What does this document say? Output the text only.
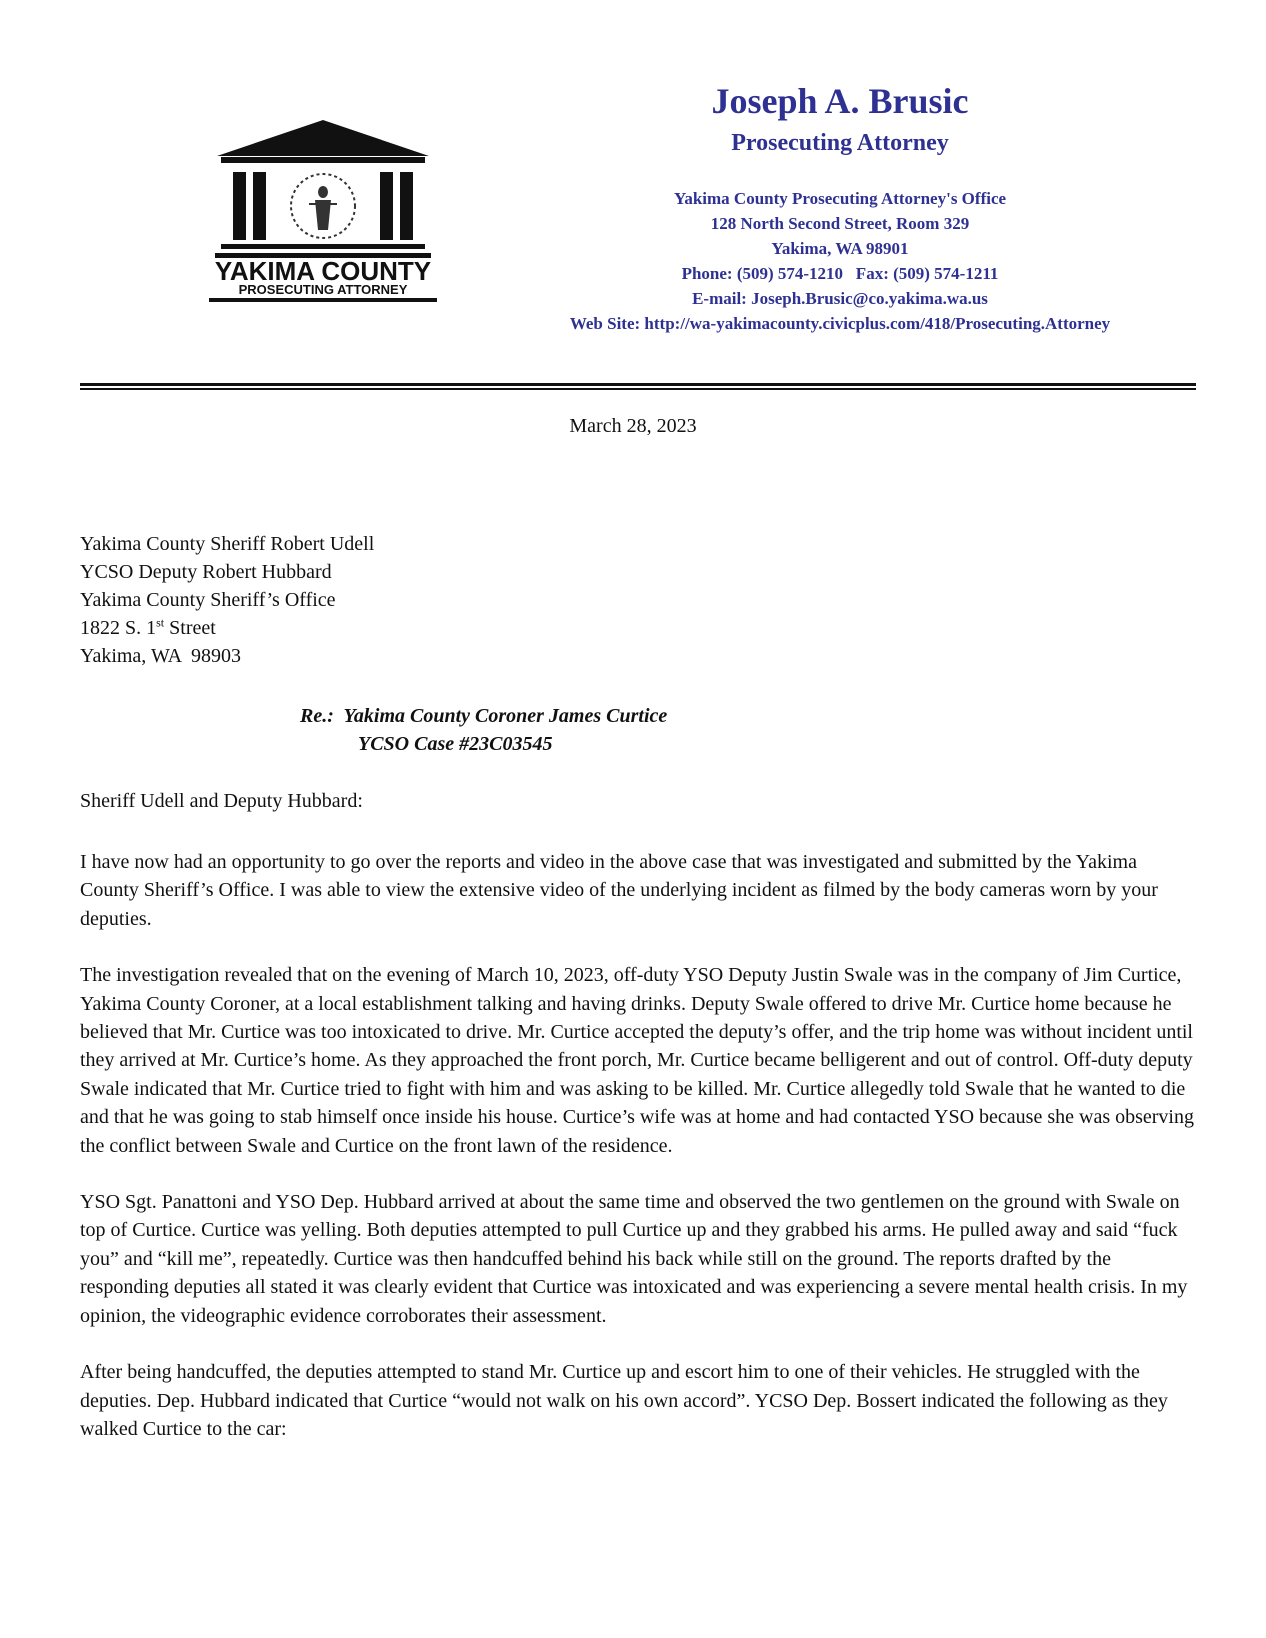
YAKIMA COUNTY
PROSECUTING ATTORNEY
Joseph A. Brusic
Prosecuting Attorney
Yakima County Prosecuting Attorney's Office
128 North Second Street, Room 329
Yakima, WA 98901
Phone: (509) 574-1210   Fax: (509) 574-1211
E-mail: Joseph.Brusic@co.yakima.wa.us
Web Site: http://wa-yakimacounty.civicplus.com/418/Prosecuting.Attorney
March 28, 2023
Yakima County Sheriff Robert Udell
YCSO Deputy Robert Hubbard
Yakima County Sheriff’s Office
1822 S. 1st Street
Yakima, WA  98903
Re.:  Yakima County Coroner James Curtice
YCSO Case #23C03545
Sheriff Udell and Deputy Hubbard:

I have now had an opportunity to go over the reports and video in the above case that was investigated and submitted by the Yakima County Sheriff’s Office. I was able to view the extensive video of the underlying incident as filmed by the body cameras worn by your deputies.

The investigation revealed that on the evening of March 10, 2023, off-duty YSO Deputy Justin Swale was in the company of Jim Curtice, Yakima County Coroner, at a local establishment talking and having drinks. Deputy Swale offered to drive Mr. Curtice home because he believed that Mr. Curtice was too intoxicated to drive. Mr. Curtice accepted the deputy’s offer, and the trip home was without incident until they arrived at Mr. Curtice’s home. As they approached the front porch, Mr. Curtice became belligerent and out of control. Off-duty deputy Swale indicated that Mr. Curtice tried to fight with him and was asking to be killed. Mr. Curtice allegedly told Swale that he wanted to die and that he was going to stab himself once inside his house. Curtice’s wife was at home and had contacted YSO because she was observing the conflict between Swale and Curtice on the front lawn of the residence.

YSO Sgt. Panattoni and YSO Dep. Hubbard arrived at about the same time and observed the two gentlemen on the ground with Swale on top of Curtice. Curtice was yelling. Both deputies attempted to pull Curtice up and they grabbed his arms. He pulled away and said “fuck you” and “kill me”, repeatedly. Curtice was then handcuffed behind his back while still on the ground. The reports drafted by the responding deputies all stated it was clearly evident that Curtice was intoxicated and was experiencing a severe mental health crisis. In my opinion, the videographic evidence corroborates their assessment.

After being handcuffed, the deputies attempted to stand Mr. Curtice up and escort him to one of their vehicles. He struggled with the deputies. Dep. Hubbard indicated that Curtice “would not walk on his own accord”. YCSO Dep. Bossert indicated the following as they walked Curtice to the car:
